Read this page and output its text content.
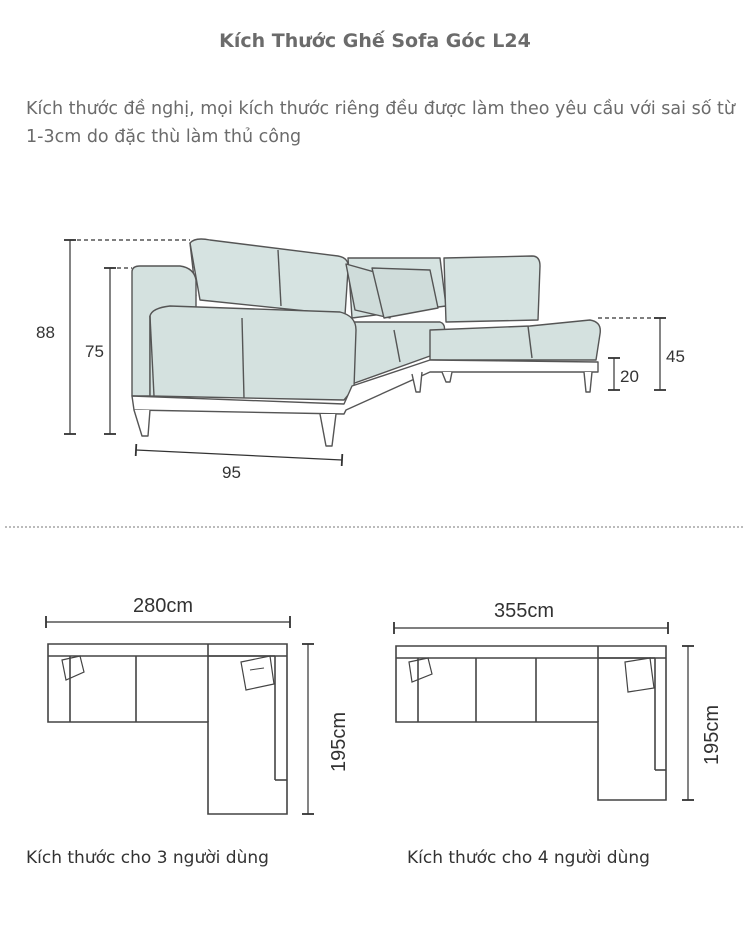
Kích Thước Ghế Sofa Góc L24
Kích thước đề nghị, mọi kích thước riêng đều được làm theo yêu cầu với sai số từ 1-3cm do đặc thù làm thủ công
88
75	45
20
95
280cm
195cm
355cm
195cm
Kích thước cho 3 người dùng	Kích thước cho 4 người dùng
